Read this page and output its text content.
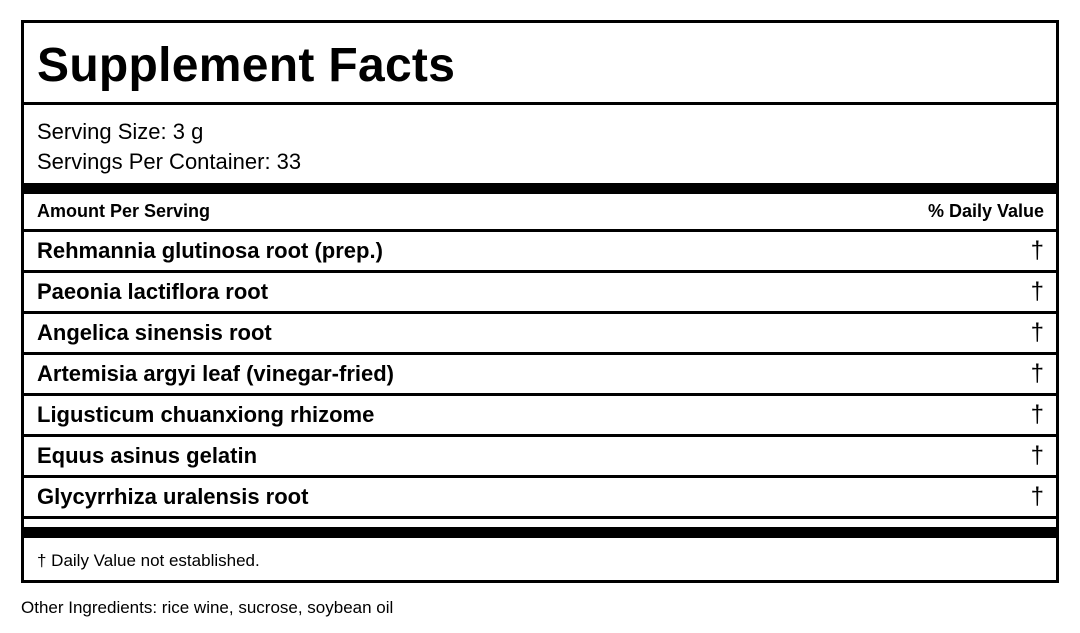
Supplement Facts
Serving Size: 3 g
Servings Per Container: 33
Amount Per Serving	% Daily Value
Rehmannia glutinosa root (prep.)	†
Paeonia lactiflora root	†
Angelica sinensis root	†
Artemisia argyi leaf (vinegar-fried)	†
Ligusticum chuanxiong rhizome	†
Equus asinus gelatin	†
Glycyrrhiza uralensis root	†
† Daily Value not established.
Other Ingredients: rice wine, sucrose, soybean oil
